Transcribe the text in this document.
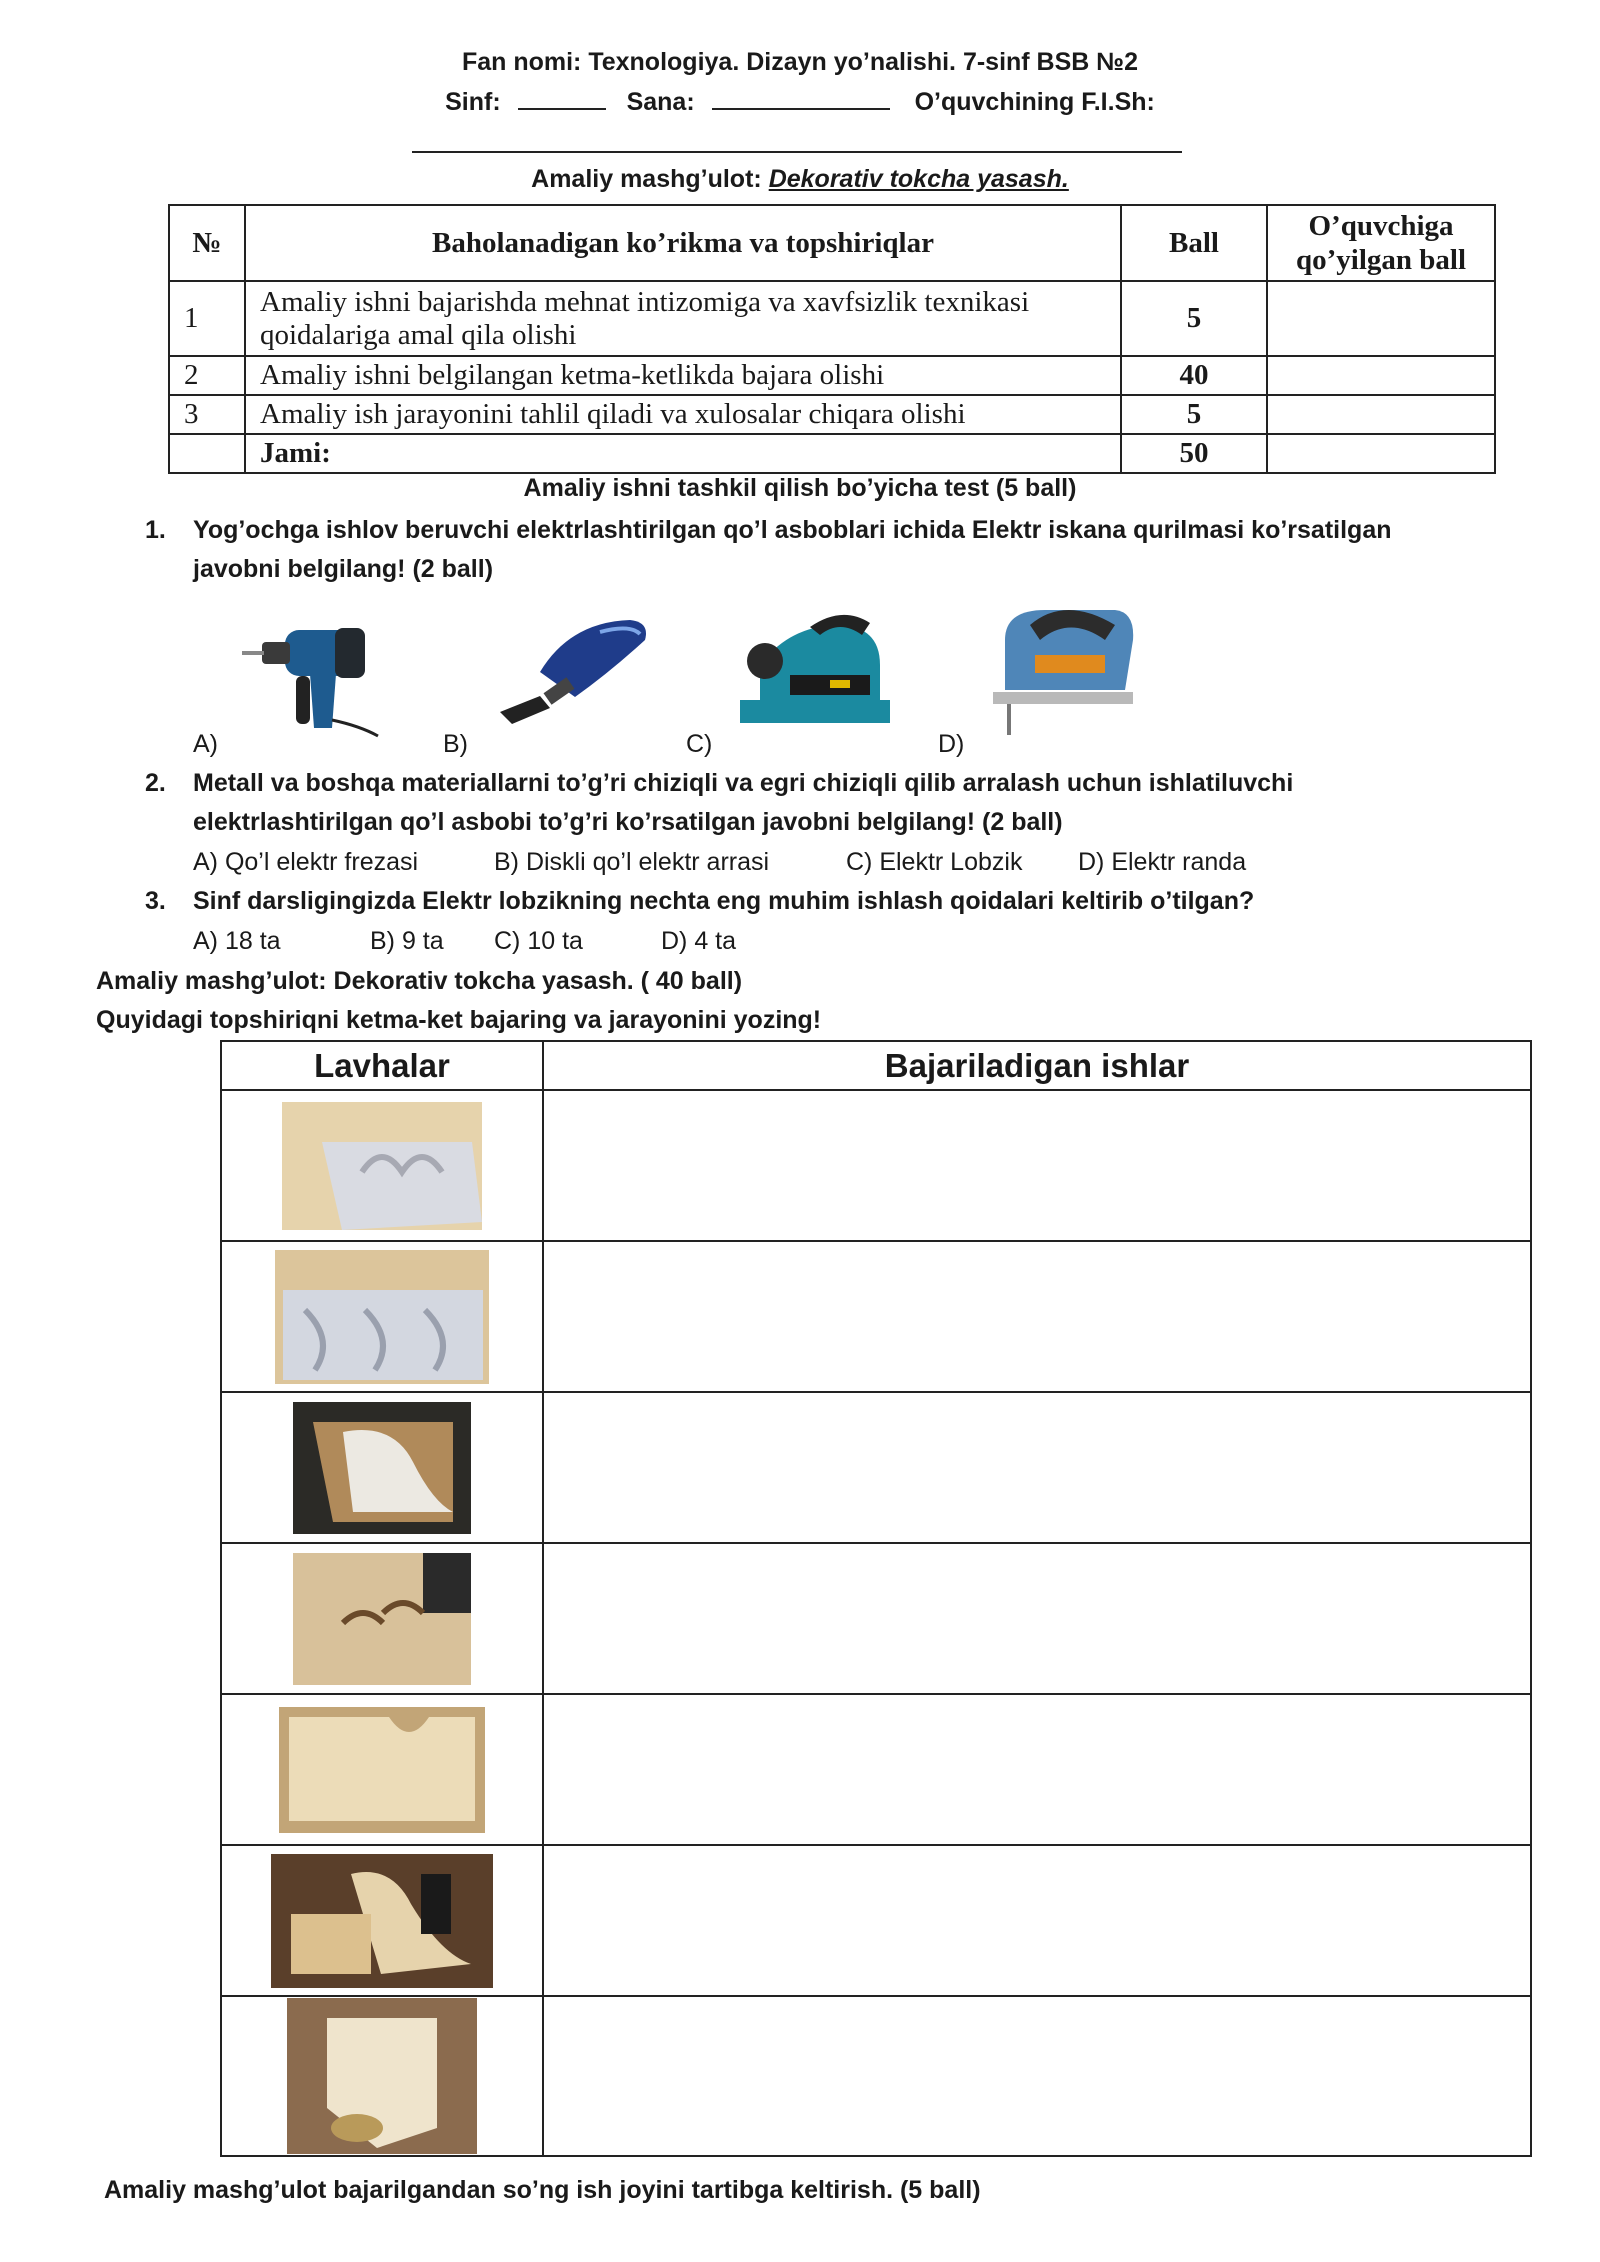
Fan nomi: Texnologiya. Dizayn yo’nalishi. 7-sinf BSB №2
Sinf:	Sana:	O’quvchining F.I.Sh:
Amaliy mashg’ulot: Dekorativ tokcha yasash.
№	Baholanadigan ko’rikma va topshiriqlar	Ball	O’quvchiga qo’yilgan ball
1	Amaliy ishni bajarishda mehnat intizomiga va xavfsizlik texnikasi qoidalariga amal qila olishi	5	
2	Amaliy ishni belgilangan ketma-ketlikda bajara olishi	40	
3	Amaliy ish jarayonini tahlil qiladi va xulosalar chiqara olishi	5	
	Jami:	50	
Amaliy ishni tashkil qilish bo’yicha test (5 ball)
1. Yog’ochga ishlov beruvchi elektrlashtirilgan qo’l asboblari ichida Elektr iskana qurilmasi ko’rsatilgan
javobni belgilang! (2 ball)
A)	B)	C)	D)
2. Metall va boshqa materiallarni to’g’ri chiziqli va egri chiziqli qilib arralash uchun ishlatiluvchi
elektrlashtirilgan qo’l asbobi to’g’ri ko’rsatilgan javobni belgilang! (2 ball)
A) Qo’l elektr frezasi	B) Diskli qo’l elektr arrasi	C) Elektr Lobzik D) Elektr randa
3. Sinf darsligingizda Elektr lobzikning nechta eng muhim ishlash qoidalari keltirib o’tilgan?
A) 18 ta	B) 9 ta C) 10 ta	D) 4 ta
Amaliy mashg’ulot: Dekorativ tokcha yasash. ( 40 ball)
Quyidagi topshiriqni ketma-ket bajaring va jarayonini yozing!
Lavhalar	Bajariladigan ishlar

Amaliy mashg’ulot bajarilgandan so’ng ish joyini tartibga keltirish. (5 ball)
